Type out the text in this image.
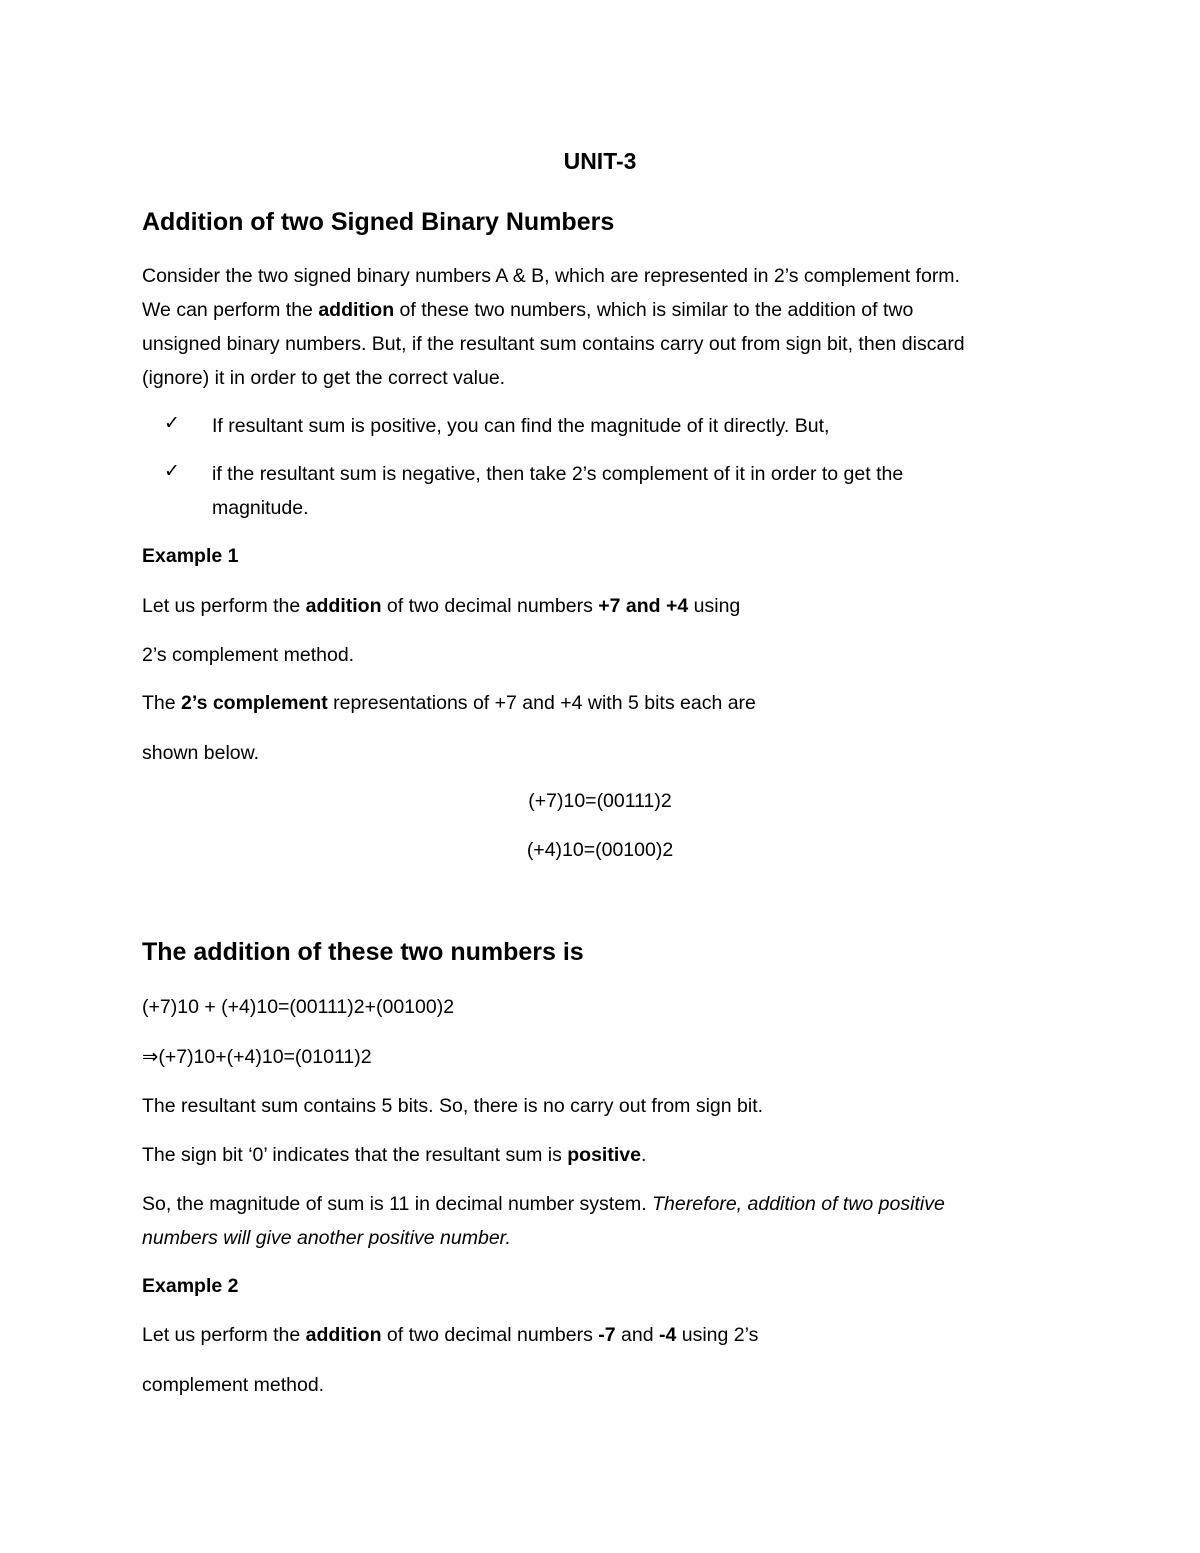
UNIT-3
Addition of two Signed Binary Numbers
Consider the two signed binary numbers A & B, which are represented in 2’s complement form.
We can perform the addition of these two numbers, which is similar to the addition of two
unsigned binary numbers. But, if the resultant sum contains carry out from sign bit, then discard
(ignore) it in order to get the correct value.
✓ If resultant sum is positive, you can find the magnitude of it directly. But,
✓ if the resultant sum is negative, then take 2’s complement of it in order to get the
magnitude.
Example 1
Let us perform the addition of two decimal numbers +7 and +4 using
2’s complement method.
The 2’s complement representations of +7 and +4 with 5 bits each are
shown below.
(+7)10=(00111)2
(+4)10=(00100)2
The addition of these two numbers is
(+7)10 + (+4)10=(00111)2+(00100)2
⇒(+7)10+(+4)10=(01011)2
The resultant sum contains 5 bits. So, there is no carry out from sign bit.
The sign bit ‘0’ indicates that the resultant sum is positive.
So, the magnitude of sum is 11 in decimal number system. Therefore, addition of two positive
numbers will give another positive number.
Example 2
Let us perform the addition of two decimal numbers -7 and -4 using 2’s
complement method.
